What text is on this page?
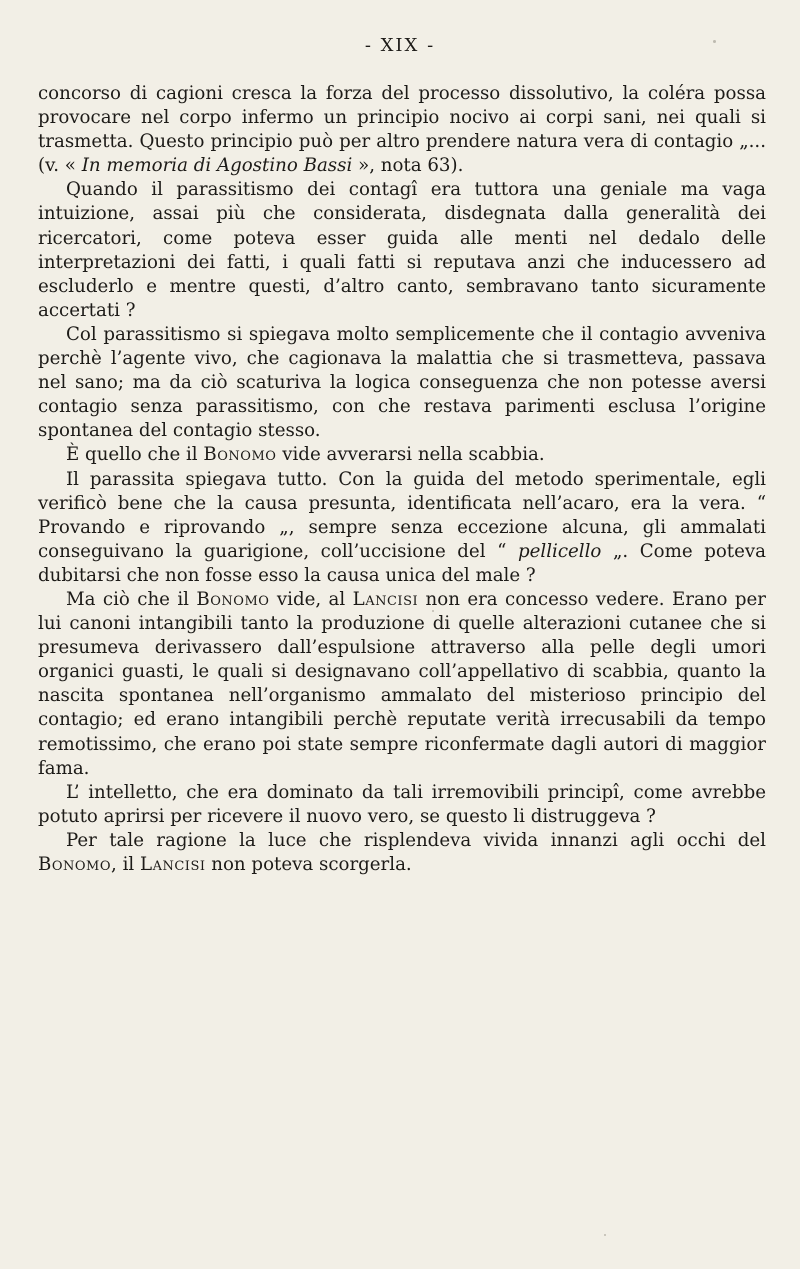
- XIX -

concorso di cagioni cresca la forza del processo dissolutivo, la coléra possa provocare nel corpo infermo un principio nocivo ai corpi sani, nei quali si trasmetta. Questo principio può per altro prendere natura vera di contagio „... (v. « In memoria di Agostino Bassi », nota 63).

Quando il parassitismo dei contagî era tuttora una geniale ma vaga intuizione, assai più che considerata, disdegnata dalla generalità dei ricercatori, come poteva esser guida alle menti nel dedalo delle interpretazioni dei fatti, i quali fatti si reputava anzi che inducessero ad escluderlo e mentre questi, d’altro canto, sembravano tanto sicuramente accertati ?

Col parassitismo si spiegava molto semplicemente che il contagio avveniva perchè l’agente vivo, che cagionava la malattia che si trasmetteva, passava nel sano; ma da ciò scaturiva la logica conseguenza che non potesse aversi contagio senza parassitismo, con che restava parimenti esclusa l’origine spontanea del contagio stesso.

È quello che il Bonomo vide avverarsi nella scabbia.

Il parassita spiegava tutto. Con la guida del metodo sperimentale, egli verificò bene che la causa presunta, identificata nell’acaro, era la vera. “ Provando e riprovando „, sempre senza eccezione alcuna, gli ammalati conseguivano la guarigione, coll’uccisione del “ pellicello „. Come poteva dubitarsi che non fosse esso la causa unica del male ?

Ma ciò che il Bonomo vide, al Lancisi non era concesso vedere. Erano per lui canoni intangibili tanto la produzione di quelle alterazioni cutanee che si presumeva derivassero dall’espulsione attraverso alla pelle degli umori organici guasti, le quali si designavano coll’appellativo di scabbia, quanto la nascita spontanea nell’organismo ammalato del misterioso principio del contagio; ed erano intangibili perchè reputate verità irrecusabili da tempo remotissimo, che erano poi state sempre riconfermate dagli autori di maggior fama.

L’ intelletto, che era dominato da tali irremovibili principî, come avrebbe potuto aprirsi per ricevere il nuovo vero, se questo li distruggeva ?

Per tale ragione la luce che risplendeva vivida innanzi agli occhi del Bonomo, il Lancisi non poteva scorgerla.
